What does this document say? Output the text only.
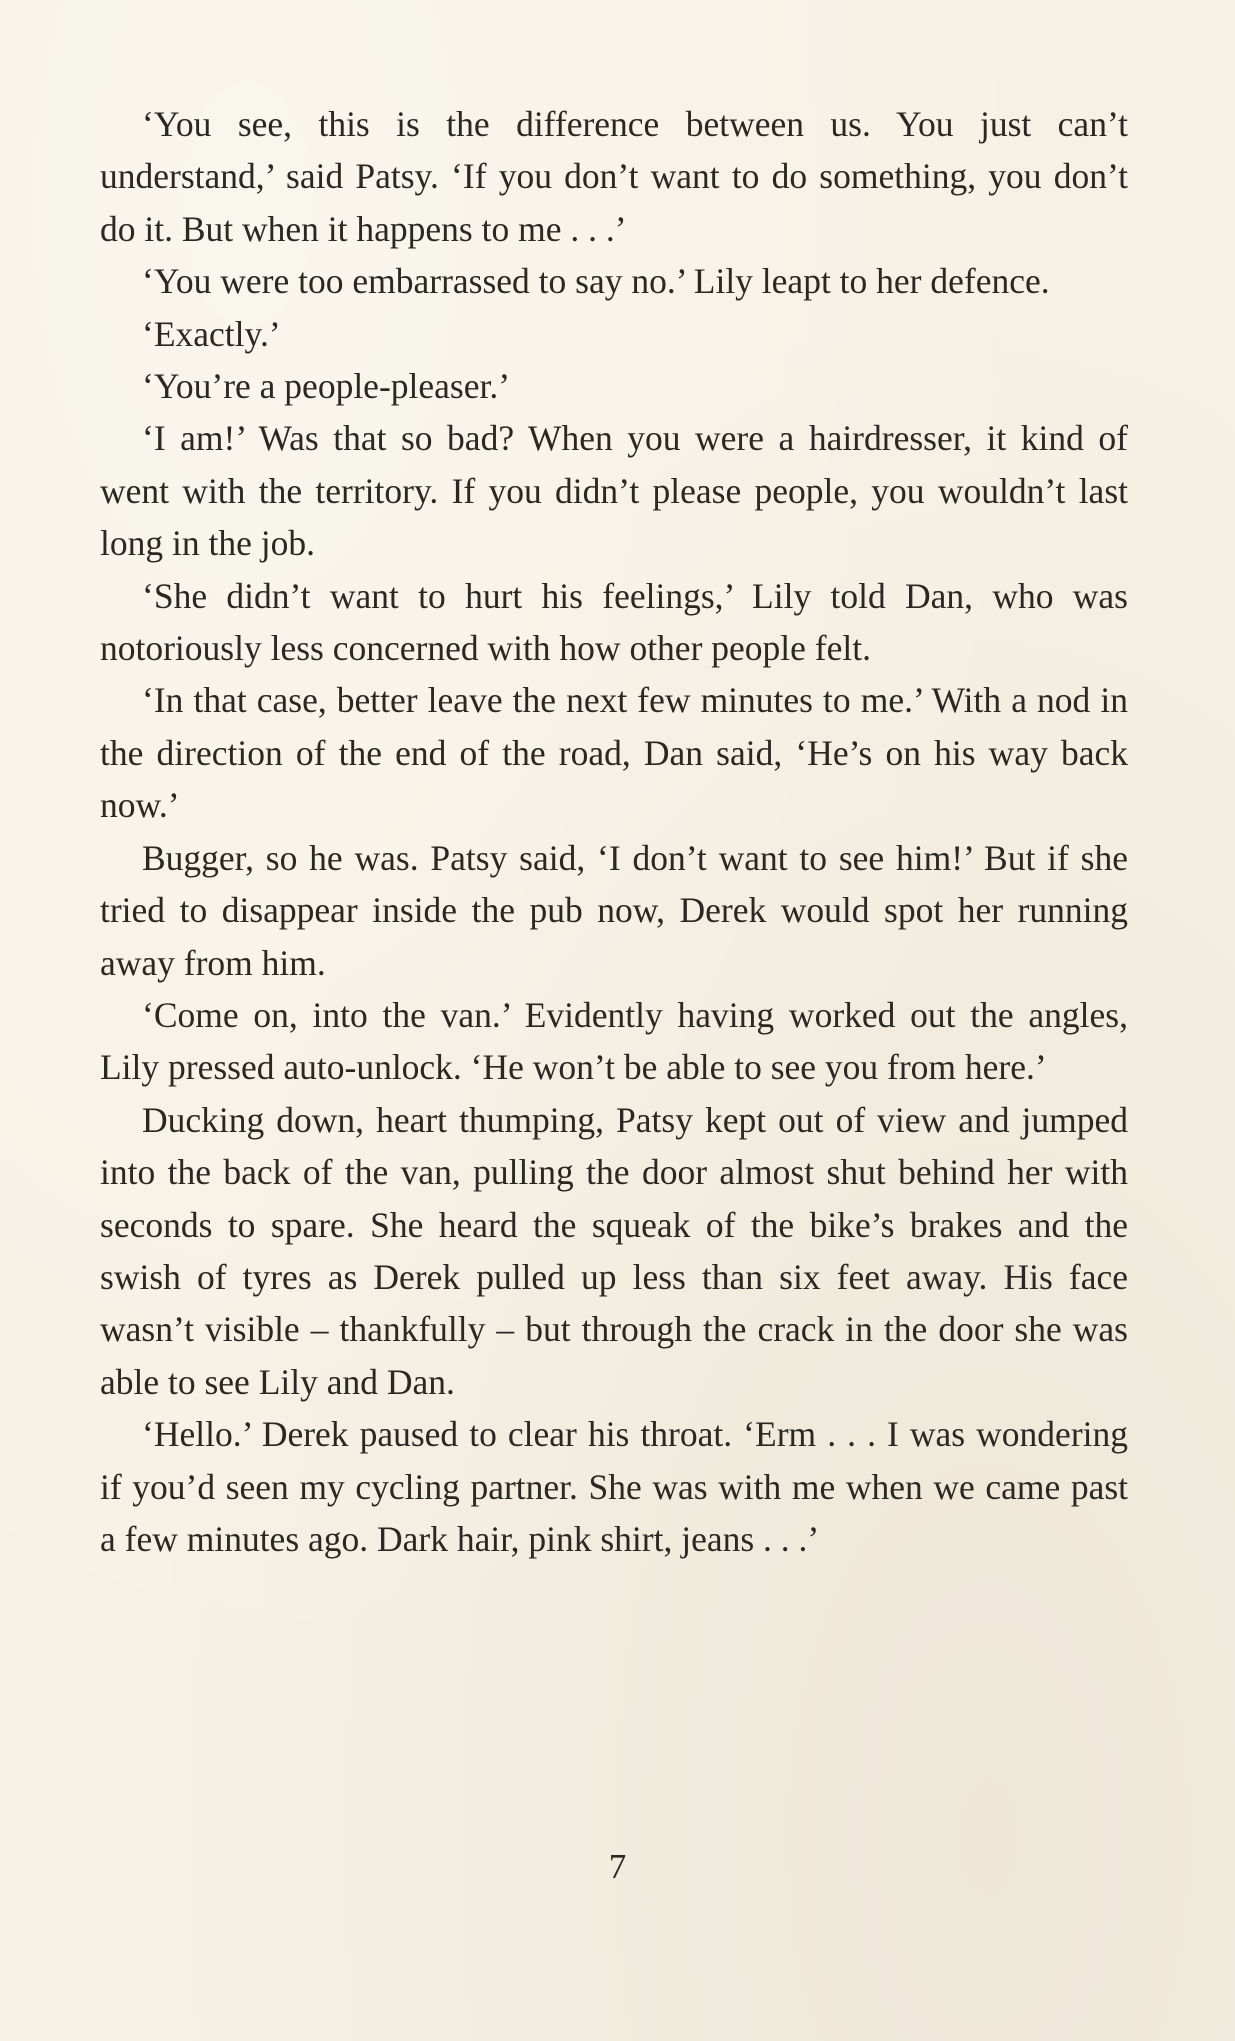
‘You see, this is the difference between us. You just can’t understand,’ said Patsy. ‘If you don’t want to do something, you don’t do it. But when it happens to me . . .’

‘You were too embarrassed to say no.’ Lily leapt to her defence.

‘Exactly.’

‘You’re a people-pleaser.’

‘I am!’ Was that so bad? When you were a hairdresser, it kind of went with the territory. If you didn’t please people, you wouldn’t last long in the job.

‘She didn’t want to hurt his feelings,’ Lily told Dan, who was notoriously less concerned with how other people felt.

‘In that case, better leave the next few minutes to me.’ With a nod in the direction of the end of the road, Dan said, ‘He’s on his way back now.’

Bugger, so he was. Patsy said, ‘I don’t want to see him!’ But if she tried to disappear inside the pub now, Derek would spot her running away from him.

‘Come on, into the van.’ Evidently having worked out the angles, Lily pressed auto-unlock. ‘He won’t be able to see you from here.’

Ducking down, heart thumping, Patsy kept out of view and jumped into the back of the van, pulling the door almost shut behind her with seconds to spare. She heard the squeak of the bike’s brakes and the swish of tyres as Derek pulled up less than six feet away. His face wasn’t visible – thankfully – but through the crack in the door she was able to see Lily and Dan.

‘Hello.’ Derek paused to clear his throat. ‘Erm . . . I was wondering if you’d seen my cycling partner. She was with me when we came past a few minutes ago. Dark hair, pink shirt, jeans . . .’

7
